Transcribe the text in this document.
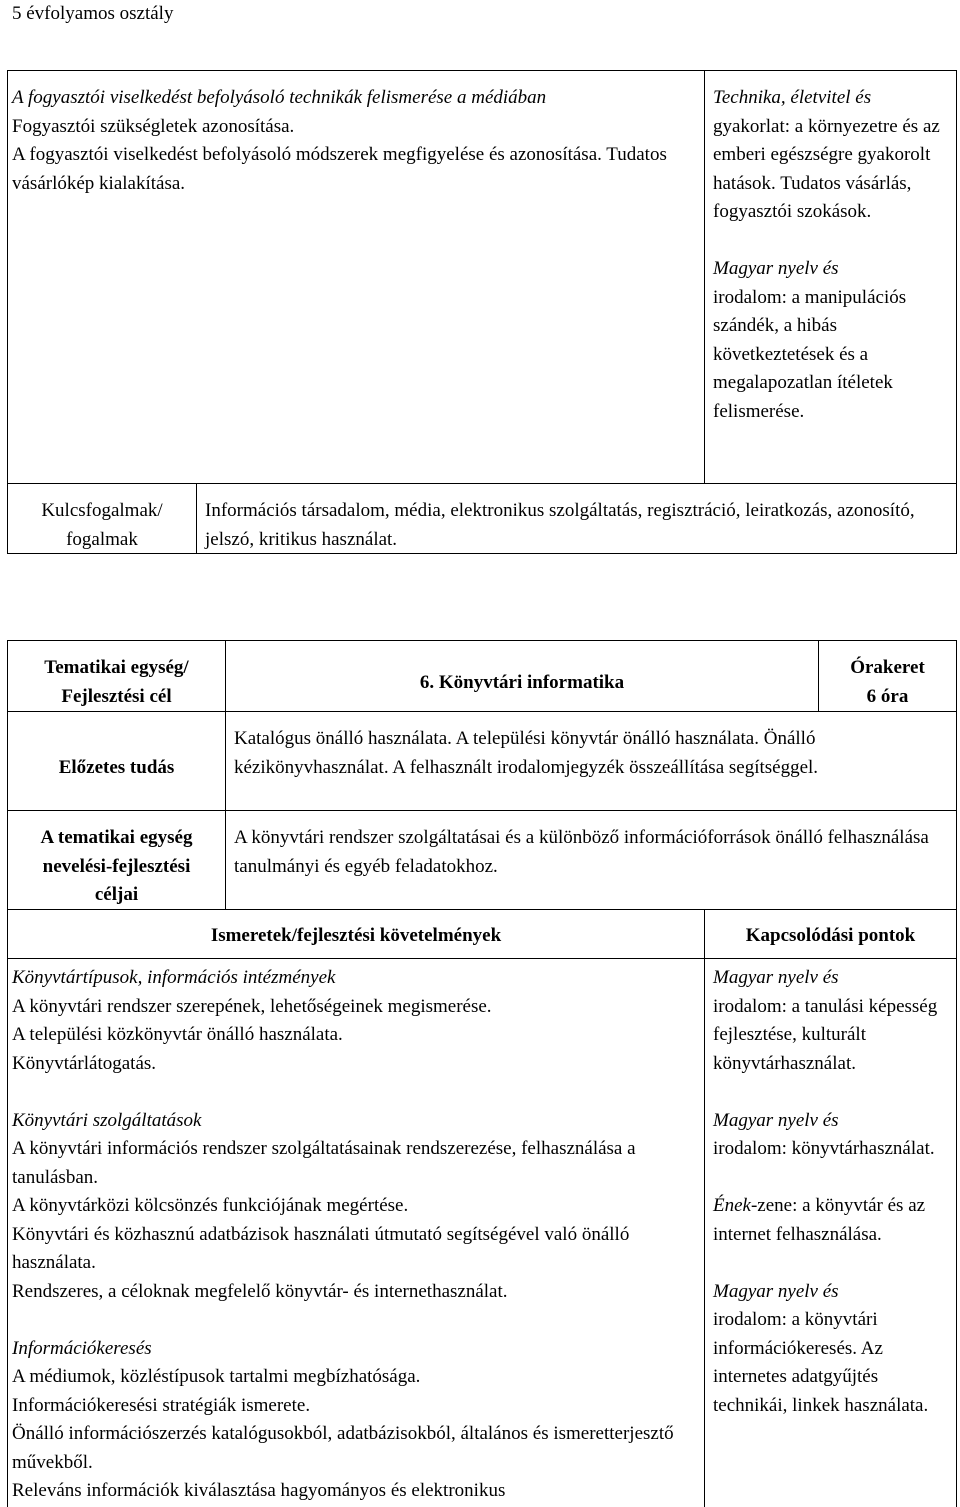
5 évfolyamos osztály

A fogyasztói viselkedést befolyásoló technikák felismerése a médiában

Fogyasztói szükségletek azonosítása.

A fogyasztói viselkedést befolyásoló módszerek megfigyelése és azonosítása. Tudatos vásárlókép kialakítása.

Technika, életvitel és
gyakorlat: a környezetre és az emberi egészségre gyakorolt hatások. Tudatos vásárlás, fogyasztói szokások.

Magyar nyelv és
irodalom: a manipulációs szándék, a hibás következtetések és a megalapozatlan ítéletek felismerése.

Kulcsfogalmak/

fogalmak

Információs társadalom, média, elektronikus szolgáltatás, regisztráció, leiratkozás, azonosító, jelszó, kritikus használat.

Tematikai egység/

Fejlesztési cél

6. Könyvtári informatika

Órakeret

6 óra

Előzetes tudás
Katalógus önálló használata. A települési könyvtár önálló használata. Önálló kézikönyvhasználat. A felhasznált irodalomjegyzék összeállítása segítséggel.

A tematikai egység

nevelési-fejlesztési

céljai

A könyvtári rendszer szolgáltatásai és a különböző információforrások önálló felhasználása tanulmányi és egyéb feladatokhoz.
Ismeretek/fejlesztési követelmények	Kapcsolódási pontok

Könyvtártípusok, információs intézmények

A könyvtári rendszer szerepének, lehetőségeinek megismerése.

A települési közkönyvtár önálló használata.

Könyvtárlátogatás.

Könyvtári szolgáltatások

A könyvtári információs rendszer szolgáltatásainak rendszerezése, felhasználása a tanulásban.

A könyvtárközi kölcsönzés funkciójának megértése.

Könyvtári és közhasznú adatbázisok használati útmutató segítségével való önálló használata.

Rendszeres, a céloknak megfelelő könyvtár- és internethasználat.

Információkeresés

A médiumok, közléstípusok tartalmi megbízhatósága.

Információkeresési stratégiák ismerete.

Önálló információszerzés katalógusokból, adatbázisokból, általános és ismeretterjesztő művekből.

Releváns információk kiválasztása hagyományos és elektronikus

Magyar nyelv és
irodalom: a tanulási képesség fejlesztése, kulturált könyvtárhasználat.

Magyar nyelv és
irodalom: könyvtárhasználat.

Ének-zene: a könyvtár és az internet felhasználása.

Magyar nyelv és
irodalom: a könyvtári információkeresés. Az internetes adatgyűjtés technikái, linkek használata.
